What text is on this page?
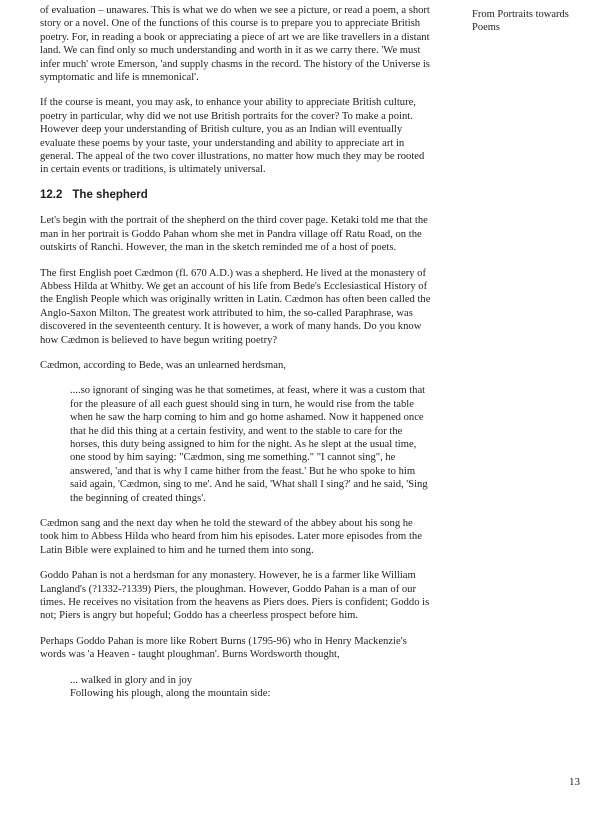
From Portraits towards Poems

of evaluation – unawares. This is what we do when we see a picture, or read a poem, a short story or a novel. One of the functions of this course is to prepare you to appreciate British poetry. For, in reading a book or appreciating a piece of art we are like travellers in a distant land. We can find only so much understanding and worth in it as we carry there. 'We must infer much' wrote Emerson, 'and supply chasms in the record. The history of the Universe is symptomatic and life is mnemonical'.

If the course is meant, you may ask, to enhance your ability to appreciate British culture, poetry in particular, why did we not use British portraits for the cover? To make a point. However deep your understanding of British culture, you as an Indian will eventually evaluate these poems by your taste, your understanding and ability to appreciate art in general. The appeal of the two cover illustrations, no matter how much they may be rooted in certain events or traditions, is ultimately universal.

12.2 The shepherd

Let's begin with the portrait of the shepherd on the third cover page. Ketaki told me that the man in her portrait is Goddo Pahan whom she met in Pandra village off Ratu Road, on the outskirts of Ranchi. However, the man in the sketch reminded me of a host of poets.

The first English poet Cædmon (fl. 670 A.D.) was a shepherd. He lived at the monastery of Abbess Hilda at Whitby. We get an account of his life from Bede's Ecclesiastical History of the English People which was originally written in Latin. Cædmon has often been called the Anglo-Saxon Milton. The greatest work attributed to him, the so-called Paraphrase, was discovered in the seventeenth century. It is however, a work of many hands. Do you know how Cædmon is believed to have begun writing poetry?

Cædmon, according to Bede, was an unlearned herdsman,

....so ignorant of singing was he that sometimes, at feast, where it was a custom that for the pleasure of all each guest should sing in turn, he would rise from the table when he saw the harp coming to him and go home ashamed. Now it happened once that he did this thing at a certain festivity, and went to the stable to care for the horses, this duty being assigned to him for the night. As he slept at the usual time, one stood by him saying: "Cædmon, sing me something." "I cannot sing", he answered, 'and that is why I came hither from the feast.' But he who spoke to him said again, 'Cædmon, sing to me'. And he said, 'What shall I sing?' and he said, 'Sing the beginning of created things'.

Cædmon sang and the next day when he told the steward of the abbey about his song he took him to Abbess Hilda who heard from him his episodes. Later more episodes from the Latin Bible were explained to him and he turned them into song.

Goddo Pahan is not a herdsman for any monastery. However, he is a farmer like William Langland's (?1332-?1339) Piers, the ploughman. However, Goddo Pahan is a man of our times. He receives no visitation from the heavens as Piers does. Piers is confident; Goddo is not; Piers is angry but hopeful; Goddo has a cheerless prospect before him.

Perhaps Goddo Pahan is more like Robert Burns (1795-96) who in Henry Mackenzie's words was 'a Heaven - taught ploughman'. Burns Wordsworth thought,

... walked in glory and in joy
Following his plough, along the mountain side:
13
